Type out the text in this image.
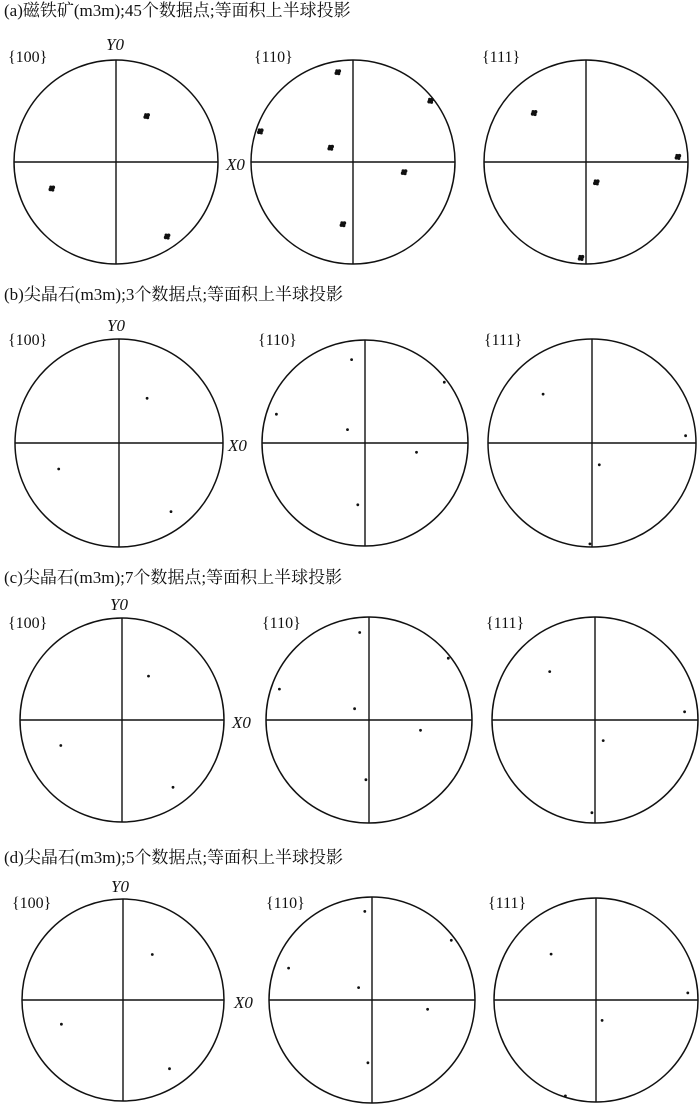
(a)磁铁矿(m3m);45个数据点;等面积上半球投影
{100}
Y0
X0
{110}	{111}
(b)尖晶石(m3m);3个数据点;等面积上半球投影
{100}
Y0
X0
{110}	{111}
(c)尖晶石(m3m);7个数据点;等面积上半球投影
{100}
Y0
X0
{110}	{111}
(d)尖晶石(m3m);5个数据点;等面积上半球投影
{100}
Y0
X0
{110}	{111}
